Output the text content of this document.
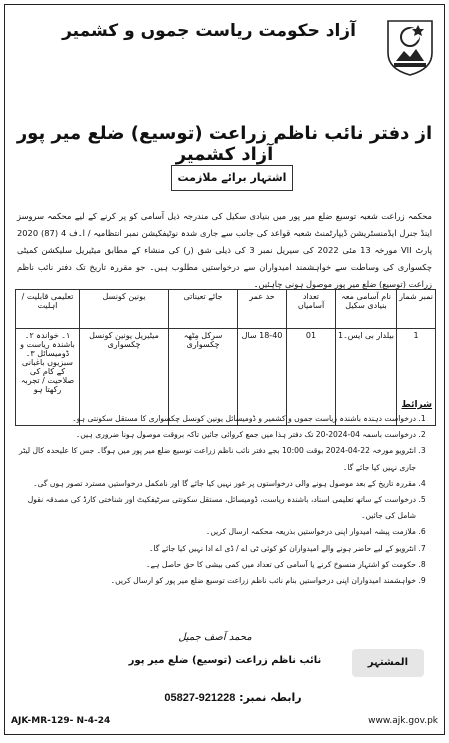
آزاد حکومت ریاست جموں و کشمیر
از دفتر نائب ناظم زراعت (توسیع) ضلع میر پور آزاد کشمیر
اشتہار برائے ملازمت
محکمہ زراعت شعبہ توسیع ضلع میر پور میں بنیادی سکیل کی مندرجہ ذیل آسامی کو پر کرنے کے لیے محکمہ سروسز اینڈ جنرل ایڈمنسٹریشن ڈیپارٹمنٹ شعبہ قواعد کی جانب سے جاری شدہ نوٹیفکیشن نمبر انتظامیہ / ا۔ف 4 (87) 2020 پارٹ VII مورخہ 13 مئی 2022 کی سیریل نمبر 3 کی ذیلی شق (ر) کی منشاء کے مطابق میٹیریل سلیکشن کمیٹی چکسواری کی وساطت سے خواہشمند امیدواران سے درخواستیں مطلوب ہیں۔ جو مقررہ تاریخ تک دفتر نائب ناظم زراعت (توسیع) ضلع میر پور موصول ہونی چاہئیں۔
نمبر شمار	نام آسامی معہ بنیادی سکیل	تعداد آسامیاں	حد عمر	جائے تعیناتی	یونین کونسل	تعلیمی قابلیت / اہلیت
1	بیلدار بی ایس۔1	01	18-40 سال	سرکل مِٹھہ چکسواری	میٹیریل یونین کونسل چکسواری	۱۔ خواندہ ۲۔ باشندہ ریاست و ڈومیسائل ۳۔ سبزیوں باغبانی کے کام کی صلاحیت / تجربہ رکھتا ہو
شرائط
1. درخواست دہندہ باشندہ ریاست جموں و کشمیر و ڈومیسائل یونین کونسل چکسواری کا مستقل سکونتی ہو۔
2. درخواست باسمہ 04-2024-20 تک دفتر ہذا میں جمع کروائی جائیں تاکہ بروقت موصول ہونا ضروری ہیں۔
3. انٹرویو مورخہ 22-04-2024 بوقت 10:00 بجے دفتر نائب ناظم زراعت توسیع ضلع میر پور میں ہوگا۔ جس کا علیحدہ کال لیٹر جاری نہیں کیا جائے گا۔
4. مقررہ تاریخ کے بعد موصول ہونے والی درخواستوں پر غور نہیں کیا جائے گا اور نامکمل درخواستیں مسترد تصور ہوں گی۔
5. درخواست کے ساتھ تعلیمی اسناد، باشندہ ریاست، ڈومیسائل، مستقل سکونتی سرٹیفکیٹ اور شناختی کارڈ کی مصدقہ نقول شامل کی جائیں۔
6. ملازمت پیشہ امیدوار اپنی درخواستیں بذریعہ محکمہ ارسال کریں۔
7. انٹرویو کے لیے حاضر ہونے والے امیدواران کو کوئی ٹی اے / ڈی اے ادا نہیں کیا جائے گا۔
8. حکومت کو اشتہار منسوخ کرنے یا آسامی کی تعداد میں کمی بیشی کا حق حاصل ہے۔
9. خواہشمند امیدواران اپنی درخواستیں بنام نائب ناظم زراعت توسیع ضلع میر پور کو ارسال کریں۔
محمد آصف جمیل
نائب ناظم زراعت (توسیع) ضلع میر پور	المشتہر
رابطہ نمبر: 05827-921228
AJK-MR-129- N-4-24	www.ajk.gov.pk
